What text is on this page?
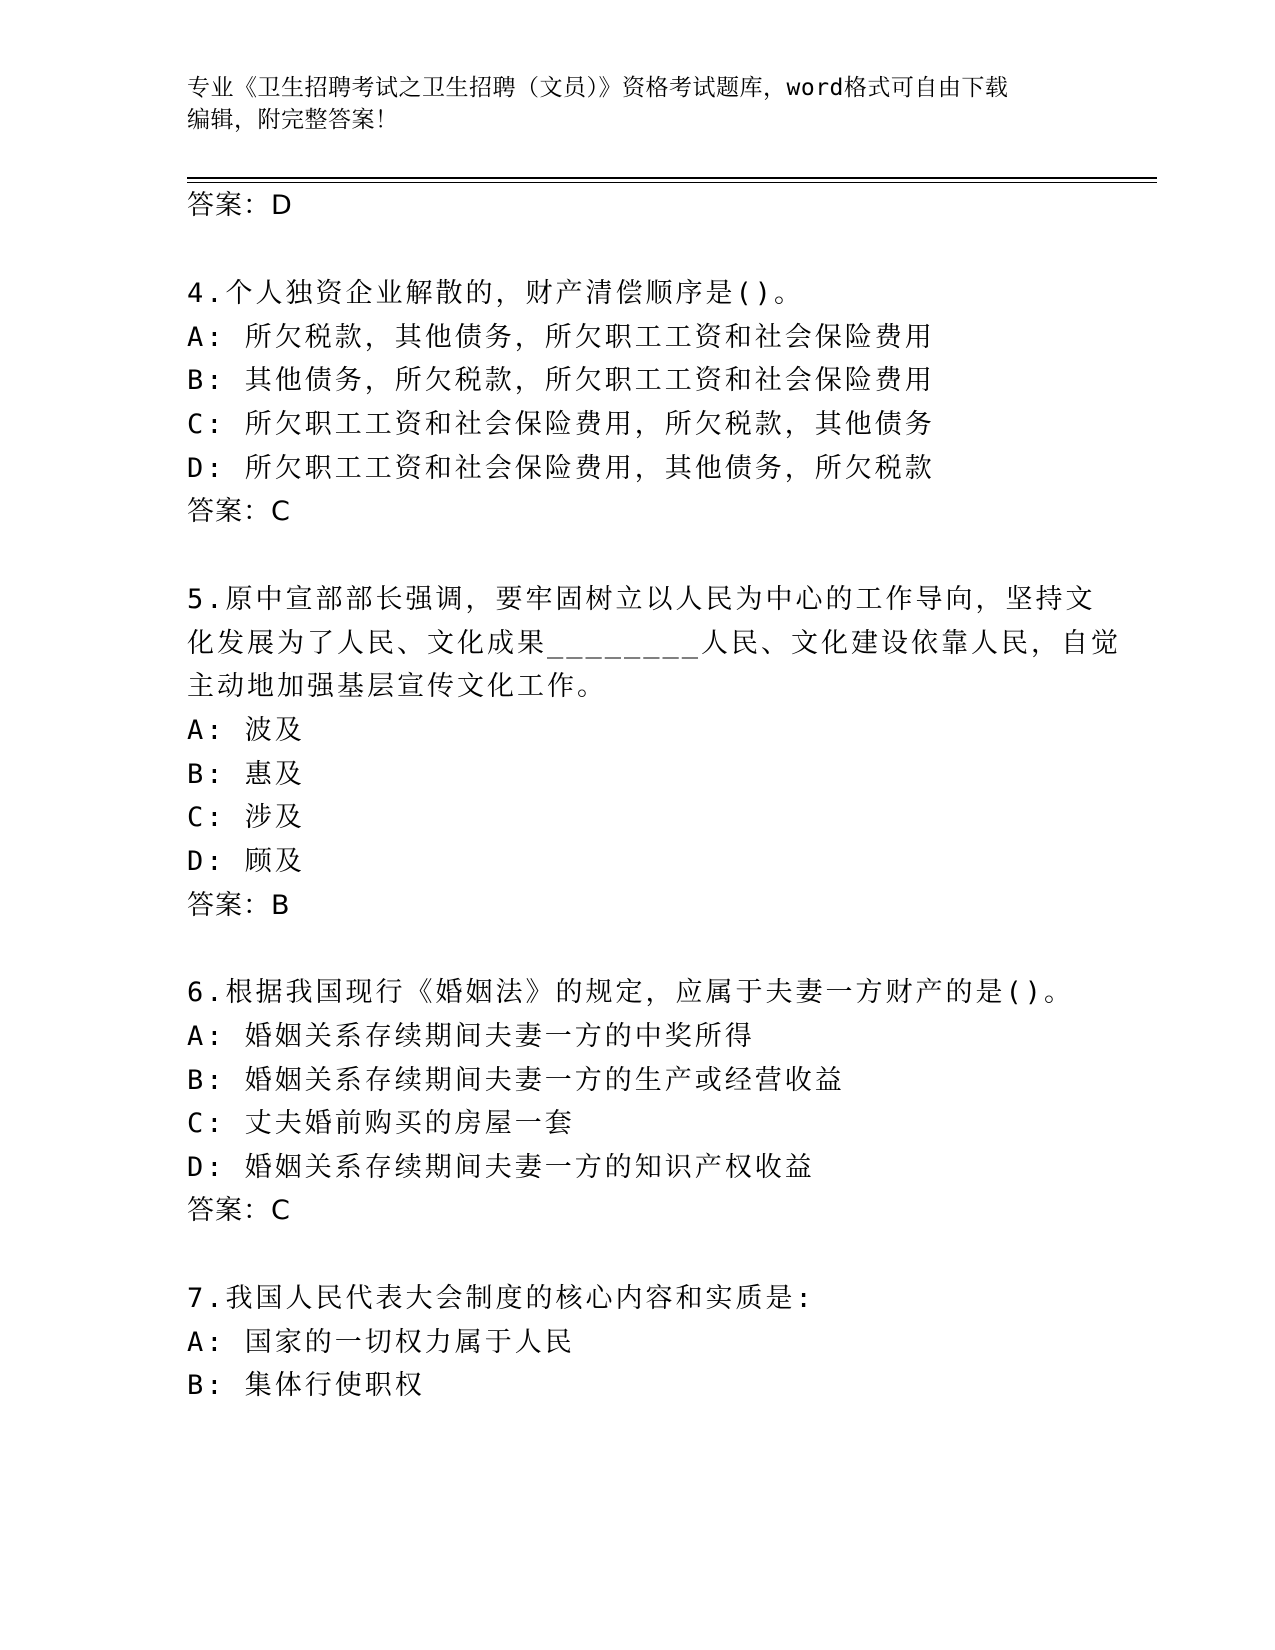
专业《卫生招聘考试之卫生招聘（文员）》资格考试题库，word格式可自由下载
编辑，附完整答案！
答案：D
4.个人独资企业解散的，财产清偿顺序是()。
A: 所欠税款，其他债务，所欠职工工资和社会保险费用
B: 其他债务，所欠税款，所欠职工工资和社会保险费用
C: 所欠职工工资和社会保险费用，所欠税款，其他债务
D: 所欠职工工资和社会保险费用，其他债务，所欠税款
答案：C
5.原中宣部部长强调，要牢固树立以人民为中心的工作导向，坚持文
化发展为了人民、文化成果________人民、文化建设依靠人民，自觉
主动地加强基层宣传文化工作。
A: 波及
B: 惠及
C: 涉及
D: 顾及
答案：B
6.根据我国现行《婚姻法》的规定，应属于夫妻一方财产的是()。
A: 婚姻关系存续期间夫妻一方的中奖所得
B: 婚姻关系存续期间夫妻一方的生产或经营收益
C: 丈夫婚前购买的房屋一套
D: 婚姻关系存续期间夫妻一方的知识产权收益
答案：C
7.我国人民代表大会制度的核心内容和实质是:
A: 国家的一切权力属于人民
B: 集体行使职权
